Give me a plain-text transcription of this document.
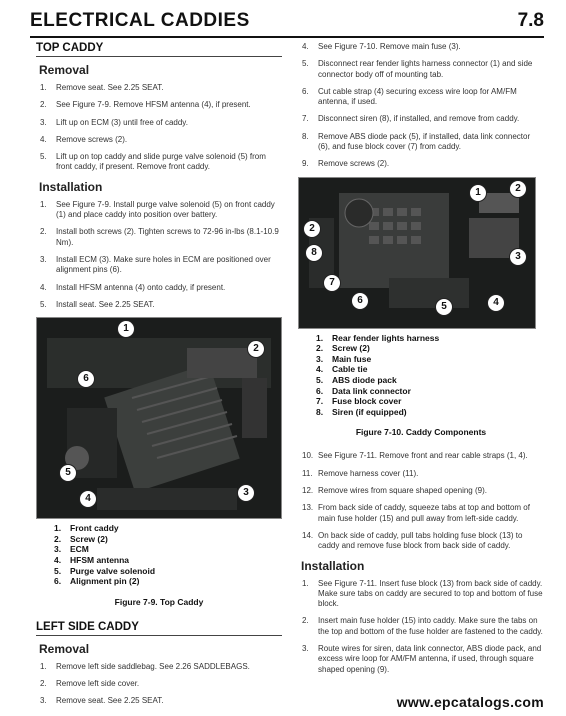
ELECTRICAL CADDIES	7.8
TOP CADDY
Removal
1. Remove seat. See 2.25 SEAT.
2. See Figure 7-9. Remove HFSM antenna (4), if present.
3. Lift up on ECM (3) until free of caddy.
4. Remove screws (2).
5. Lift up on top caddy and slide purge valve solenoid (5) from front caddy, if present. Remove front caddy.
Installation
1. See Figure 7-9. Install purge valve solenoid (5) on front caddy (1) and place caddy into position over battery.
2. Install both screws (2). Tighten screws to 72-96 in-lbs (8.1-10.9 Nm).
3. Install ECM (3). Make sure holes in ECM are positioned over alignment pins (6).
4. Install HFSM antenna (4) onto caddy, if present.
5. Install seat. See 2.25 SEAT.
1
2
6
5
4
3
1. Front caddy
2. Screw (2)
3. ECM
4. HFSM antenna
5. Purge valve solenoid
6. Alignment pin (2)
Figure 7-9. Top Caddy
LEFT SIDE CADDY
Removal
1. Remove left side saddlebag. See 2.26 SADDLEBAGS.
2. Remove left side cover.
3. Remove seat. See 2.25 SEAT.
4. See Figure 7-10. Remove main fuse (3).
5. Disconnect rear fender lights harness connector (1) and side connector body off of mounting tab.
6. Cut cable strap (4) securing excess wire loop for AM/FM antenna, if used.
7. Disconnect siren (8), if installed, and remove from caddy.
8. Remove ABS diode pack (5), if installed, data link connector (6), and fuse block cover (7) from caddy.
9. Remove screws (2).
1	2
2
8	3
7
6
5	4
1. Rear fender lights harness
2. Screw (2)
3. Main fuse
4. Cable tie
5. ABS diode pack
6. Data link connector
7. Fuse block cover
8. Siren (if equipped)
Figure 7-10. Caddy Components
10. See Figure 7-11. Remove front and rear cable straps (1, 4).
11. Remove harness cover (11).
12. Remove wires from square shaped opening (9).
13. From back side of caddy, squeeze tabs at top and bottom of main fuse holder (15) and pull away from left-side caddy.
14. On back side of caddy, pull tabs holding fuse block (13) to caddy and remove fuse block from back side of caddy.
Installation
1. See Figure 7-11. Insert fuse block (13) from back side of caddy. Make sure tabs on caddy are secured to top and bottom of fuse block.
2. Insert main fuse holder (15) into caddy. Make sure the tabs on the top and bottom of the fuse holder are fastened to the caddy.
3. Route wires for siren, data link connector, ABS diode pack, and excess wire loop for AM/FM antenna, if used, through square shaped opening (9).
www.epcatalogs.com
